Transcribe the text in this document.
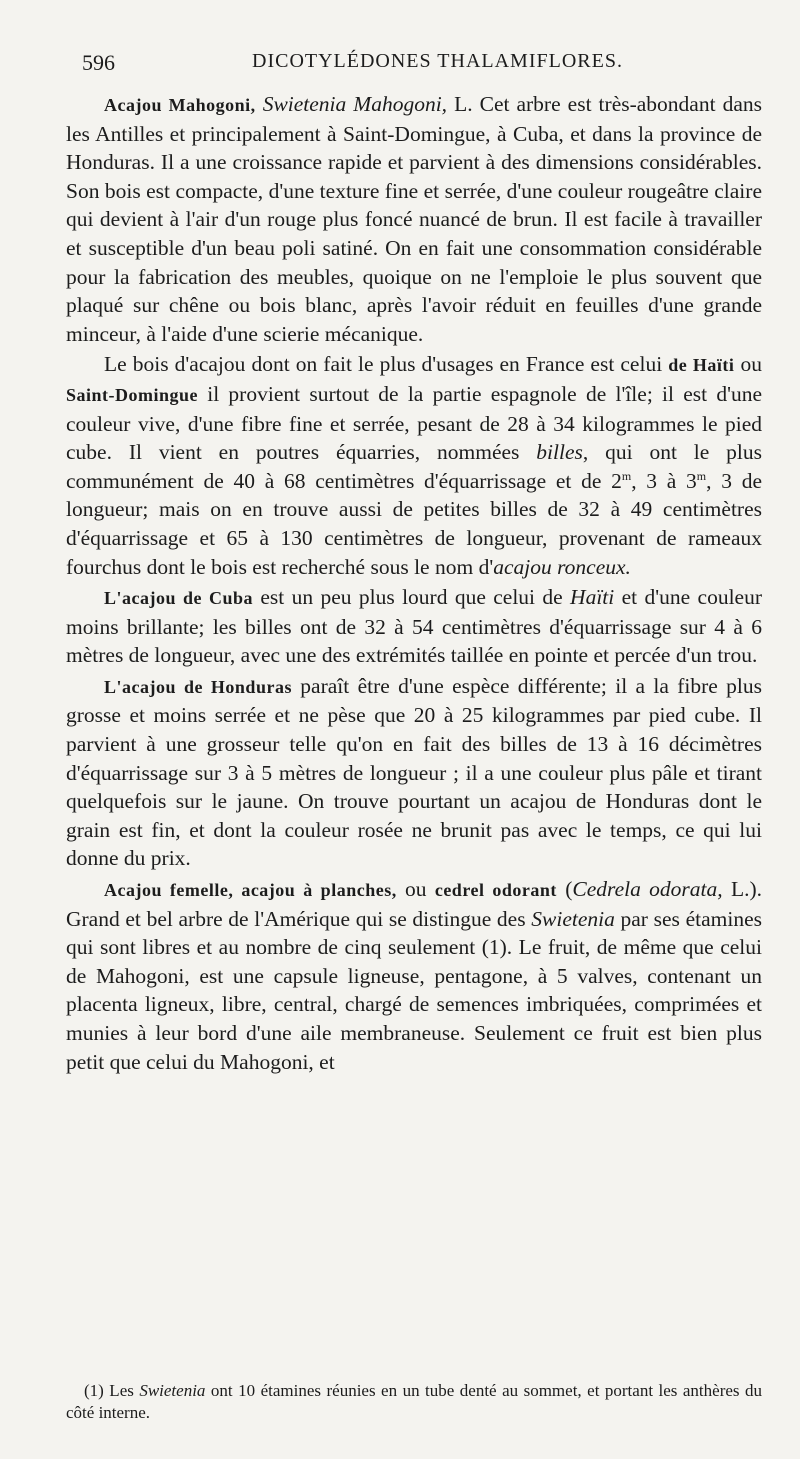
596	DICOTYLÉDONES THALAMIFLORES.

Acajou Mahogoni, Swietenia Mahogoni, L. Cet arbre est très-abondant dans les Antilles et principalement à Saint-Domingue, à Cuba, et dans la province de Honduras. Il a une croissance rapide et parvient à des dimensions considérables. Son bois est compacte, d'une texture fine et serrée, d'une couleur rougeâtre claire qui devient à l'air d'un rouge plus foncé nuancé de brun. Il est facile à travailler et susceptible d'un beau poli satiné. On en fait une consommation considérable pour la fabrication des meubles, quoique on ne l'emploie le plus souvent que plaqué sur chêne ou bois blanc, après l'avoir réduit en feuilles d'une grande minceur, à l'aide d'une scierie mécanique.

Le bois d'acajou dont on fait le plus d'usages en France est celui de Haïti ou Saint-Domingue il provient surtout de la partie espagnole de l'île; il est d'une couleur vive, d'une fibre fine et serrée, pesant de 28 à 34 kilogrammes le pied cube. Il vient en poutres équarries, nommées billes, qui ont le plus communément de 40 à 68 centimètres d'équarrissage et de 2$^m$, 3 à 3$^m$, 3 de longueur; mais on en trouve aussi de petites billes de 32 à 49 centimètres d'équarrissage et 65 à 130 centimètres de longueur, provenant de rameaux fourchus dont le bois est recherché sous le nom d'acajou ronceux.

L'acajou de Cuba est un peu plus lourd que celui de Haïti et d'une couleur moins brillante; les billes ont de 32 à 54 centimètres d'équarrissage sur 4 à 6 mètres de longueur, avec une des extrémités taillée en pointe et percée d'un trou.

L'acajou de Honduras paraît être d'une espèce différente; il a la fibre plus grosse et moins serrée et ne pèse que 20 à 25 kilogrammes par pied cube. Il parvient à une grosseur telle qu'on en fait des billes de 13 à 16 décimètres d'équarrissage sur 3 à 5 mètres de longueur ; il a une couleur plus pâle et tirant quelquefois sur le jaune. On trouve pourtant un acajou de Honduras dont le grain est fin, et dont la couleur rosée ne brunit pas avec le temps, ce qui lui donne du prix.

Acajou femelle, acajou à planches, ou cedrel odorant (Cedrela odorata, L.). Grand et bel arbre de l'Amérique qui se distingue des Swietenia par ses étamines qui sont libres et au nombre de cinq seulement (1). Le fruit, de même que celui de Mahogoni, est une capsule ligneuse, pentagone, à 5 valves, contenant un placenta ligneux, libre, central, chargé de semences imbriquées, comprimées et munies à leur bord d'une aile membraneuse. Seulement ce fruit est bien plus petit que celui du Mahogoni, et

(1) Les Swietenia ont 10 étamines réunies en un tube denté au sommet, et portant les anthères du côté interne.
